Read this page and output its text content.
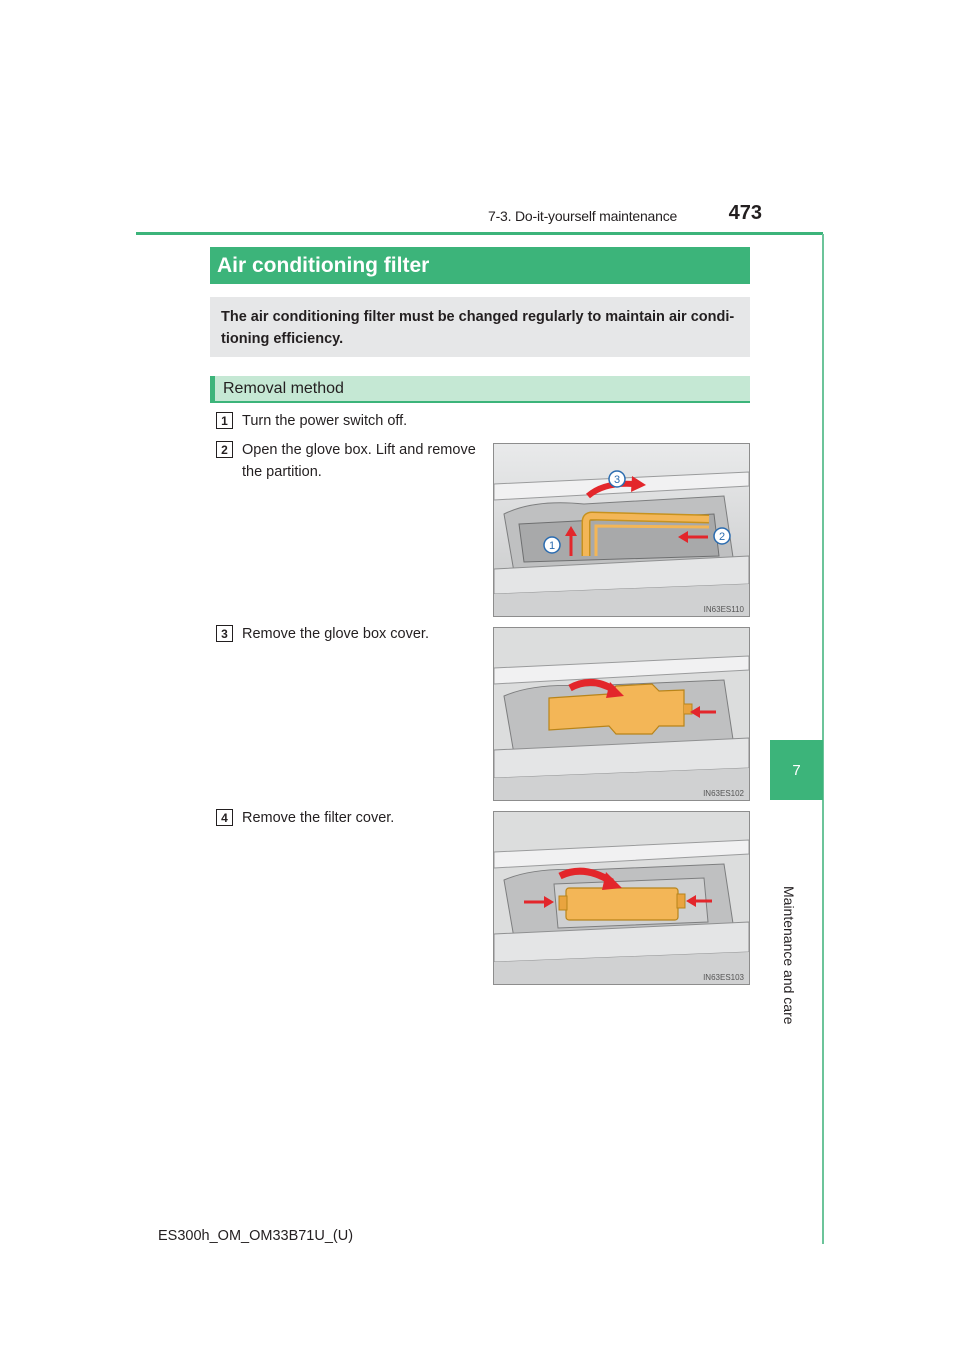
7-3. Do-it-yourself maintenance	473
7
Maintenance and care
Air conditioning filter
The air conditioning filter must be changed regularly to maintain air condi-tioning efficiency.
Removal method
1 Turn the power switch off.
2 Open the glove box. Lift and remove
the partition.
1
2
3
IN63ES110
3 Remove the glove box cover.
IN63ES102
4 Remove the filter cover.
IN63ES103
ES300h_OM_OM33B71U_(U)
